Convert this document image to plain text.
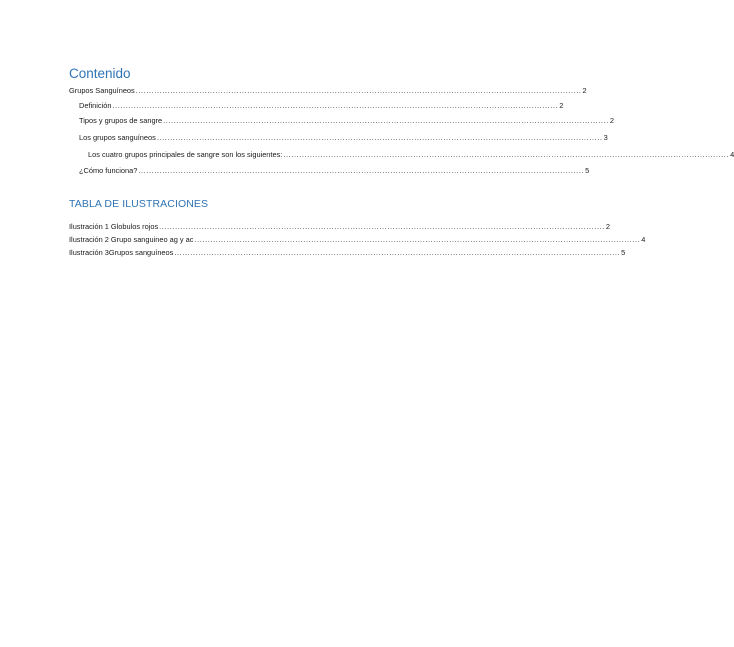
Contenido
Grupos Sanguíneos ........................................................................................................................................................................ 2
Definición ........................................................................................................................................................................ 2
Tipos y grupos de sangre ........................................................................................................................................................................ 2
Los grupos sanguíneos ........................................................................................................................................................................ 3
Los cuatro grupos principales de sangre son los siguientes: ........................................................................................................................................................................ 4
¿Cómo funciona? ........................................................................................................................................................................ 5
TABLA DE ILUSTRACIONES
Ilustración 1 Globulos rojos ........................................................................................................................................................................ 2
Ilustración 2 Grupo sanguineo ag y ac ........................................................................................................................................................................ 4
Ilustración 3Grupos sanguíneos ........................................................................................................................................................................ 5
